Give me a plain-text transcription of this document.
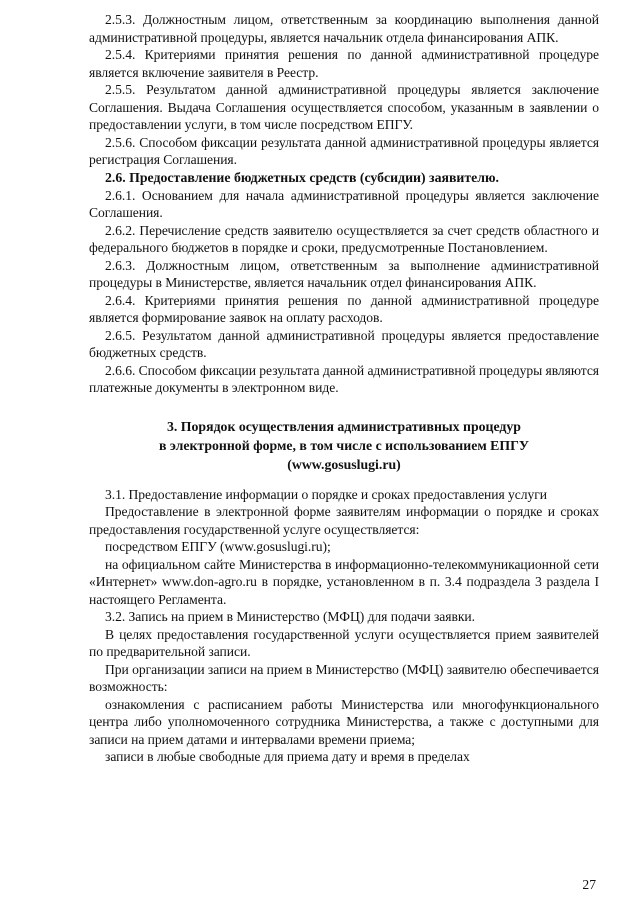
2.5.3. Должностным лицом, ответственным за координацию выполнения данной административной процедуры, является начальник отдела финансирования АПК.

2.5.4. Критериями принятия решения по данной административной процедуре является включение заявителя в Реестр.

2.5.5. Результатом данной административной процедуры является заключение Соглашения. Выдача Соглашения осуществляется способом, указанным в заявлении о предоставлении услуги, в том числе посредством ЕПГУ.

2.5.6. Способом фиксации результата данной административной процедуры является регистрация Соглашения.

2.6. Предоставление бюджетных средств (субсидии) заявителю.

2.6.1. Основанием для начала административной процедуры является заключение Соглашения.

2.6.2. Перечисление средств заявителю осуществляется за счет средств областного и федерального бюджетов в порядке и сроки, предусмотренные Постановлением.

2.6.3. Должностным лицом, ответственным за выполнение административной процедуры в Министерстве, является начальник отдел финансирования АПК.

2.6.4. Критериями принятия решения по данной административной процедуре является формирование заявок на оплату расходов.

2.6.5. Результатом данной административной процедуры является предоставление бюджетных средств.

2.6.6. Способом фиксации результата данной административной процедуры являются платежные документы в электронном виде.

3. Порядок осуществления административных процедур
в электронной форме, в том числе с использованием ЕПГУ
(www.gosuslugi.ru)

3.1. Предоставление информации о порядке и сроках предоставления услуги

Предоставление в электронной форме заявителям информации о порядке и сроках предоставления государственной услуге осуществляется:

посредством ЕПГУ (www.gosuslugi.ru);

на официальном сайте Министерства в информационно-телекоммуникационной сети «Интернет» www.don-agro.ru в порядке, установленном в п. 3.4 подраздела 3 раздела I настоящего Регламента.

3.2. Запись на прием в Министерство (МФЦ) для подачи заявки.

В целях предоставления государственной услуги осуществляется прием заявителей по предварительной записи.

При организации записи на прием в Министерство (МФЦ) заявителю обеспечивается возможность:

ознакомления с расписанием работы Министерства или многофункционального центра либо уполномоченного сотрудника Министерства, а также с доступными для записи на прием датами и интервалами времени приема;

записи в любые свободные для приема дату и время в пределах

27
